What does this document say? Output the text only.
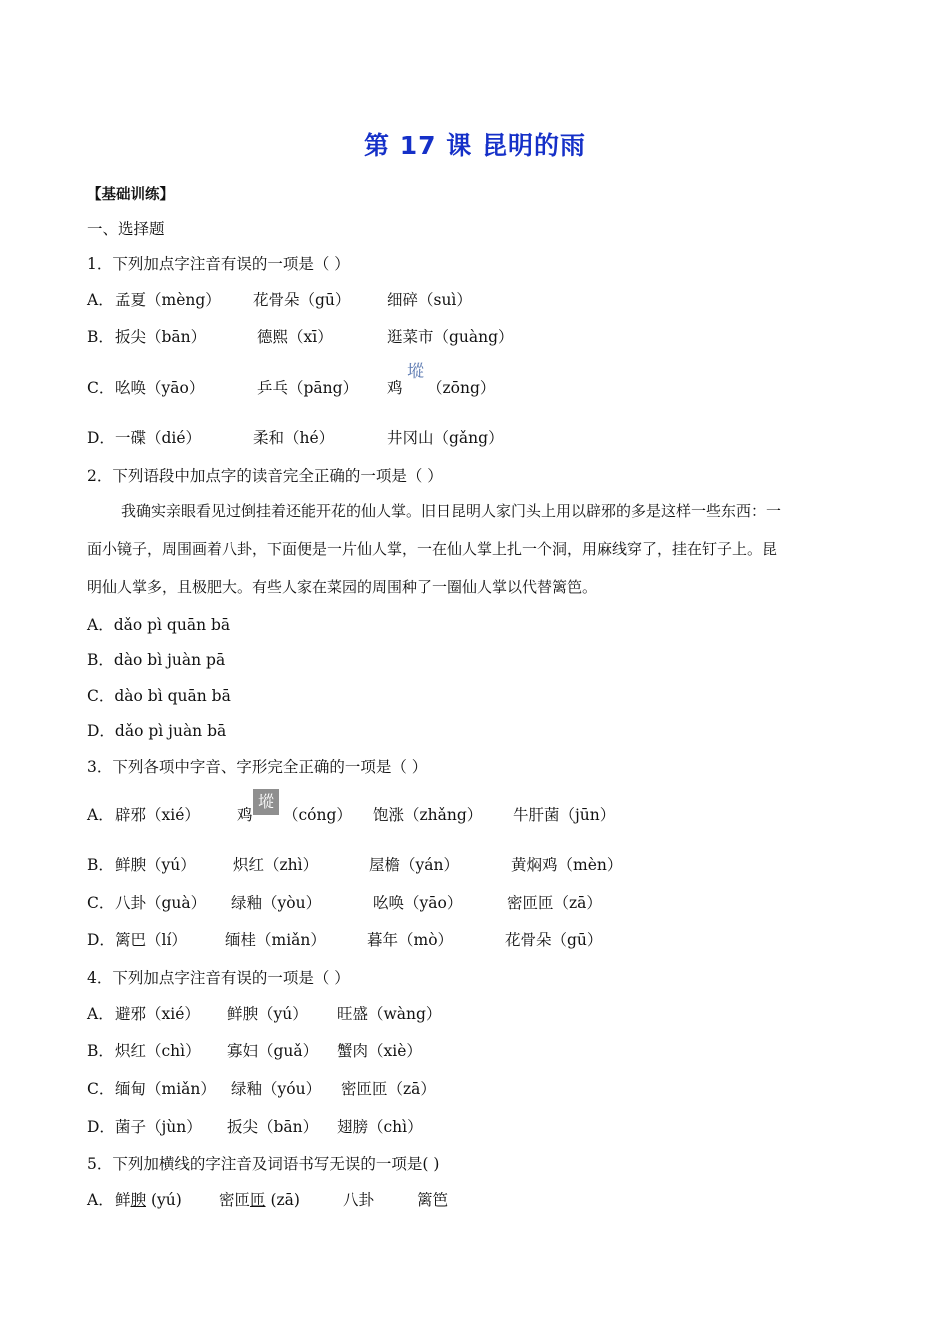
第 17 课 昆明的雨
【基础训练】
一、选择题
1．下列加点字注音有误的一项是（ ）
A． 孟夏（mèng） 花骨朵（gū） 细碎（suì）
B． 扳尖（bān）	德熙（xī）	逛菜市（guàng）
C． 吆唤（yāo）	乒乓（pāng） 鸡
㙡
（zōng）
D． 一碟（dié）	柔和（hé）	井冈山（gǎng）
2．下列语段中加点字的读音完全正确的一项是（ ）
我确实亲眼看见过倒挂着还能开花的仙人掌。旧日昆明人家门头上用以辟邪的多是这样一些东西：一
面小镜子，周围画着八卦，下面便是一片仙人掌，一在仙人掌上扎一个洞，用麻线穿了，挂在钉子上。昆
明仙人掌多，且极肥大。有些人家在菜园的周围种了一圈仙人掌以代替篱笆。
A．dǎo pì quān bā
B．dào bì juàn pā
C．dào bì quān bā
D．dǎo pì juàn bā
3．下列各项中字音、字形完全正确的一项是（ ）
A． 辟邪（xié） 鸡
㙡
（cóng） 饱涨（zhǎng） 牛肝菌（jūn）
B． 鲜腴（yú） 炽红（zhì）	屋檐（yán）	黄焖鸡（mèn）
C． 八卦（guà） 绿釉（yòu）	吆唤（yāo）	密匝匝（zā）
D． 篱巴（lí） 缅桂（miǎn）	暮年（mò）	花骨朵（gū）
4．下列加点字注音有误的一项是（ ）
A． 避邪（xié） 鲜腴（yú） 旺盛（wàng）
B． 炽红（chì） 寡妇（guǎ） 蟹肉（xiè）
C． 缅甸（miǎn） 绿釉（yóu） 密匝匝（zā）
D． 菌子（jùn） 扳尖（bān） 翅膀（chì）
5．下列加横线的字注音及词语书写无误的一项是( )
A． 鲜腴 (yú) 密匝匝 (zā)	八卦	篱笆
